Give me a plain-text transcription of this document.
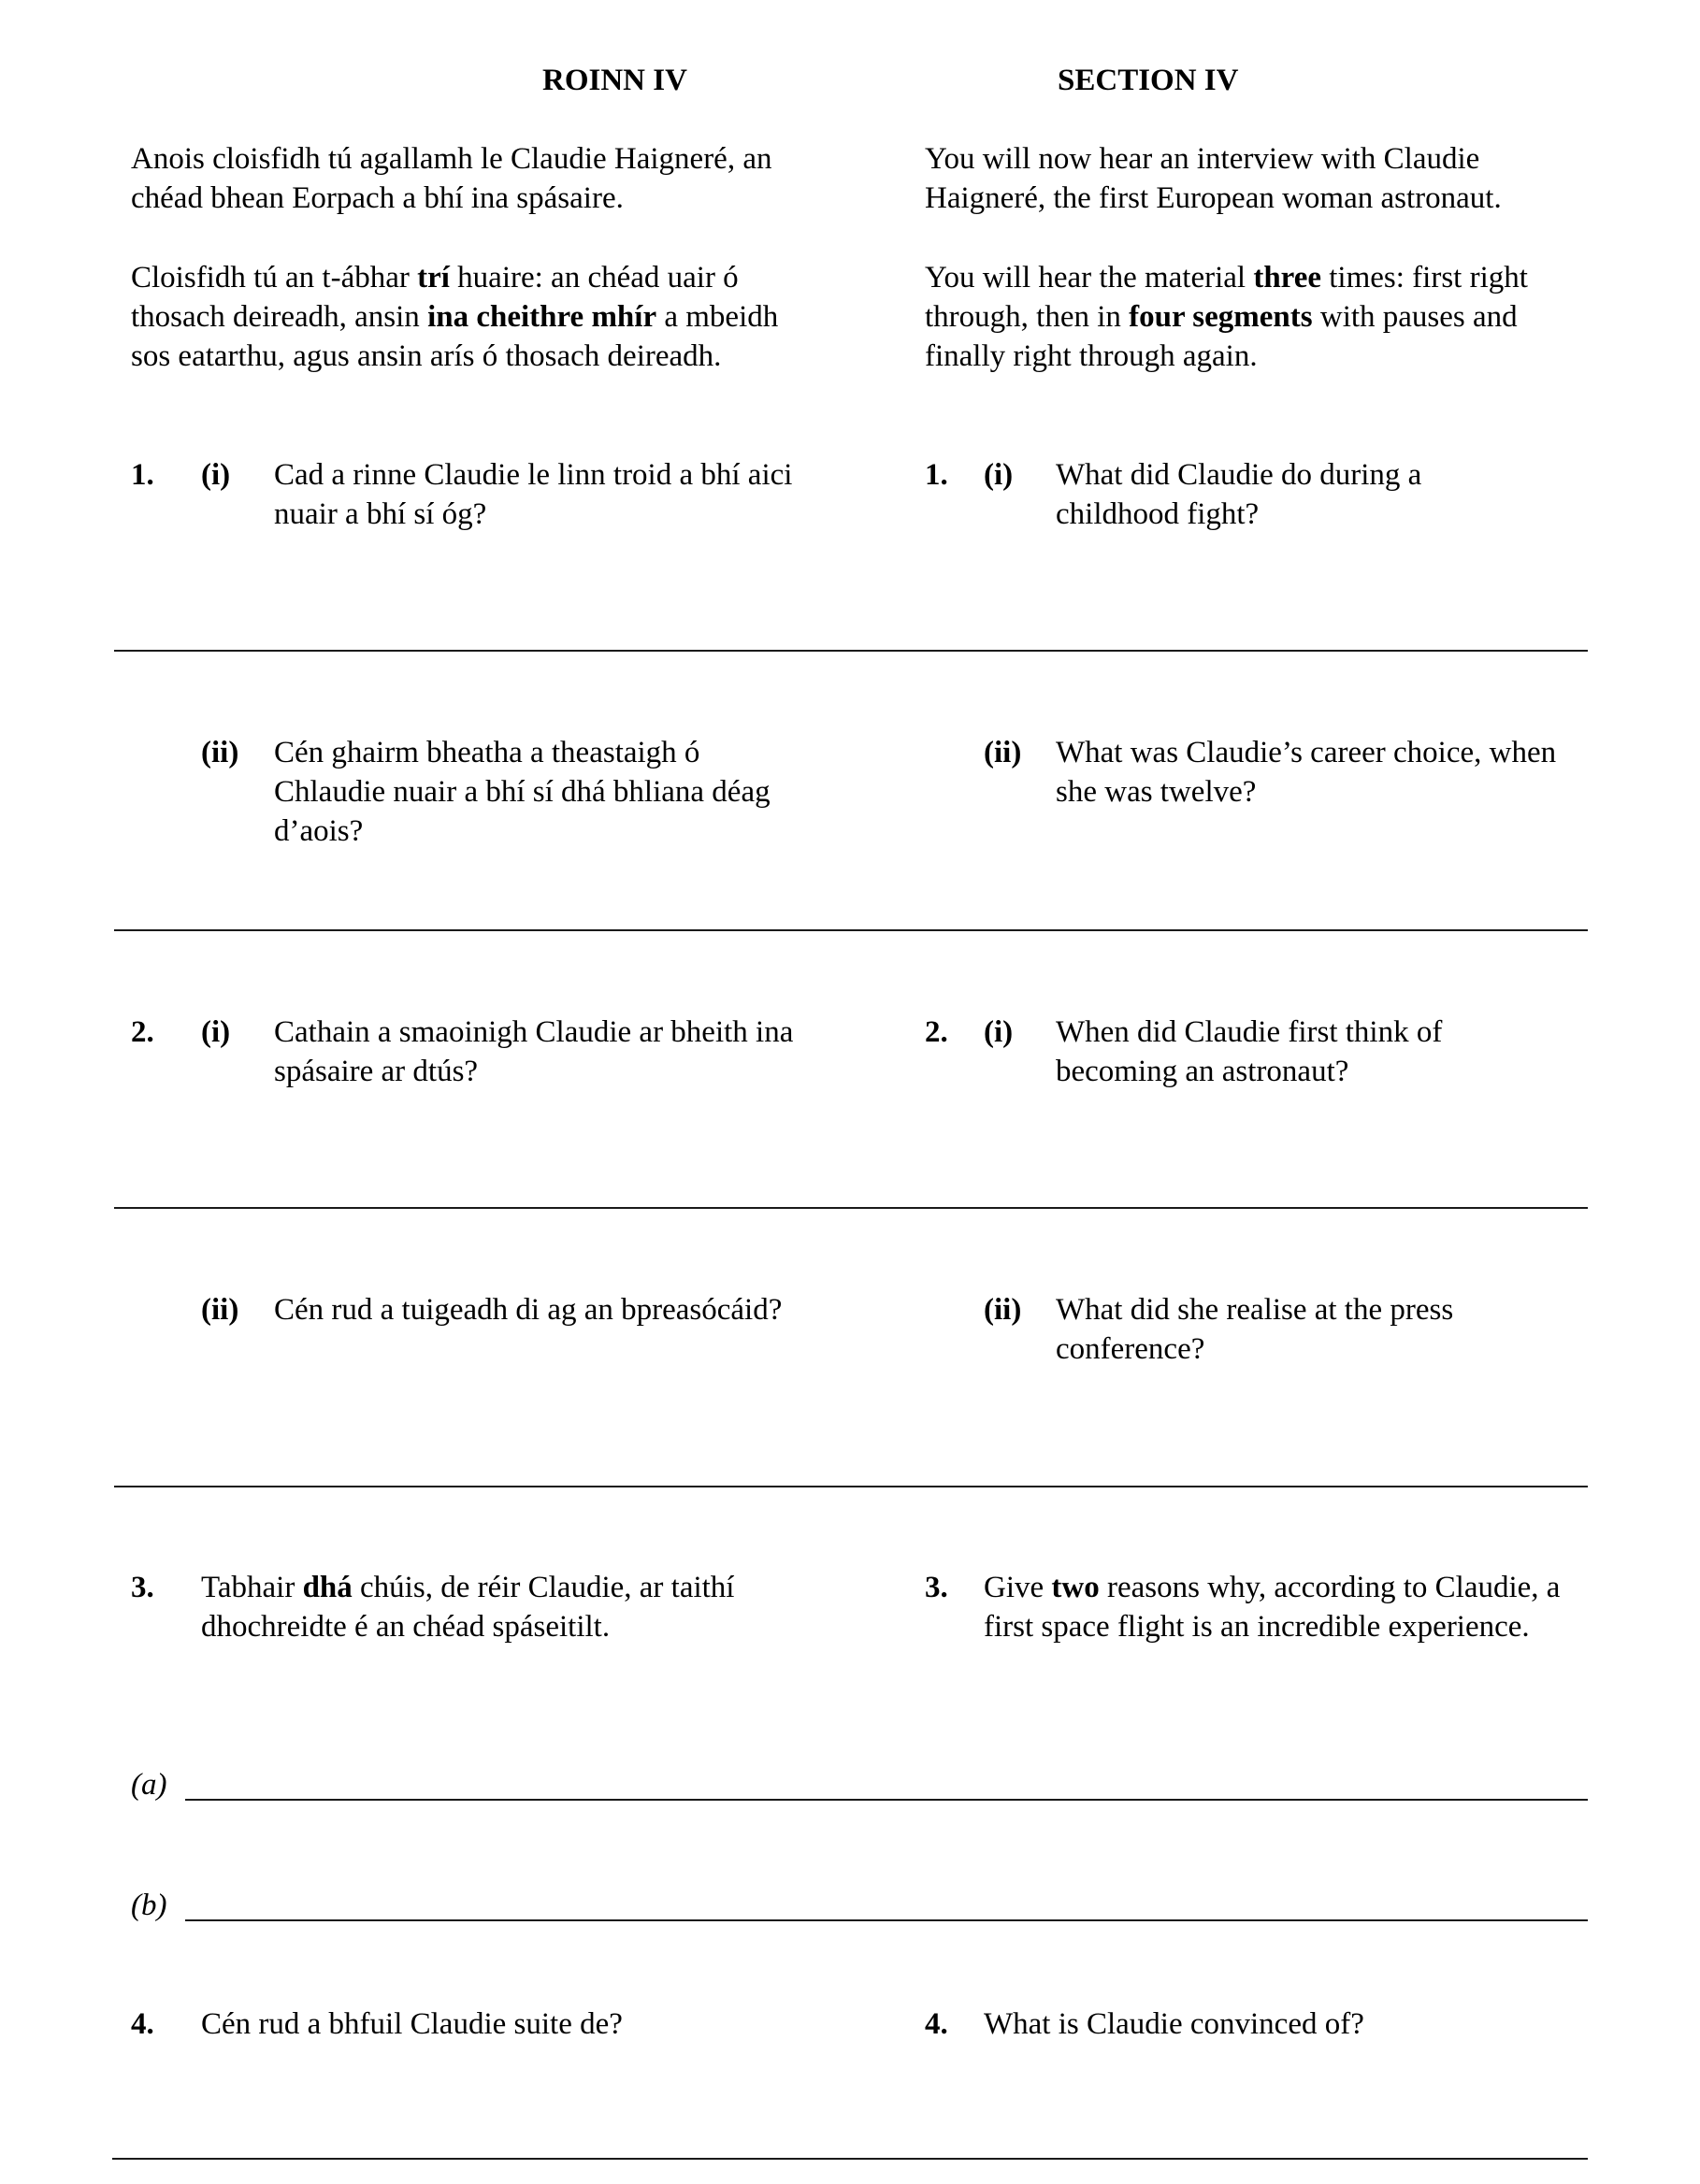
ROINN IV	SECTION IV
Anois cloisfidh tú agallamh le Claudie Haigneré, an chéad bhean Eorpach a bhí ina spásaire.
You will now hear an interview with Claudie Haigneré, the first European woman astronaut.
Cloisfidh tú an t-ábhar trí huaire: an chéad uair ó thosach deireadh, ansin ina cheithre mhír a mbeidh sos eatarthu, agus ansin arís ó thosach deireadh.
You will hear the material three times: first right through, then in four segments with pauses and finally right through again.
1. (i) Cad a rinne Claudie le linn troid a bhí aici nuair a bhí sí óg?
1. (i) What did Claudie do during a childhood fight?
(ii) Cén ghairm bheatha a theastaigh ó Chlaudie nuair a bhí sí dhá bhliana déag d’aois?
(ii) What was Claudie’s career choice, when she was twelve?
2. (i) Cathain a smaoinigh Claudie ar bheith ina spásaire ar dtús?
2. (i) When did Claudie first think of becoming an astronaut?
(ii) Cén rud a tuigeadh di ag an bpreasócáid?	(ii) What did she realise at the press conference?
3. Tabhair dhá chúis, de réir Claudie, ar taithí dhochreidte é an chéad spáseitilt.
3. Give two reasons why, according to Claudie, a first space flight is an incredible experience.
(a)
(b)
4. Cén rud a bhfuil Claudie suite de?	4. What is Claudie convinced of?
